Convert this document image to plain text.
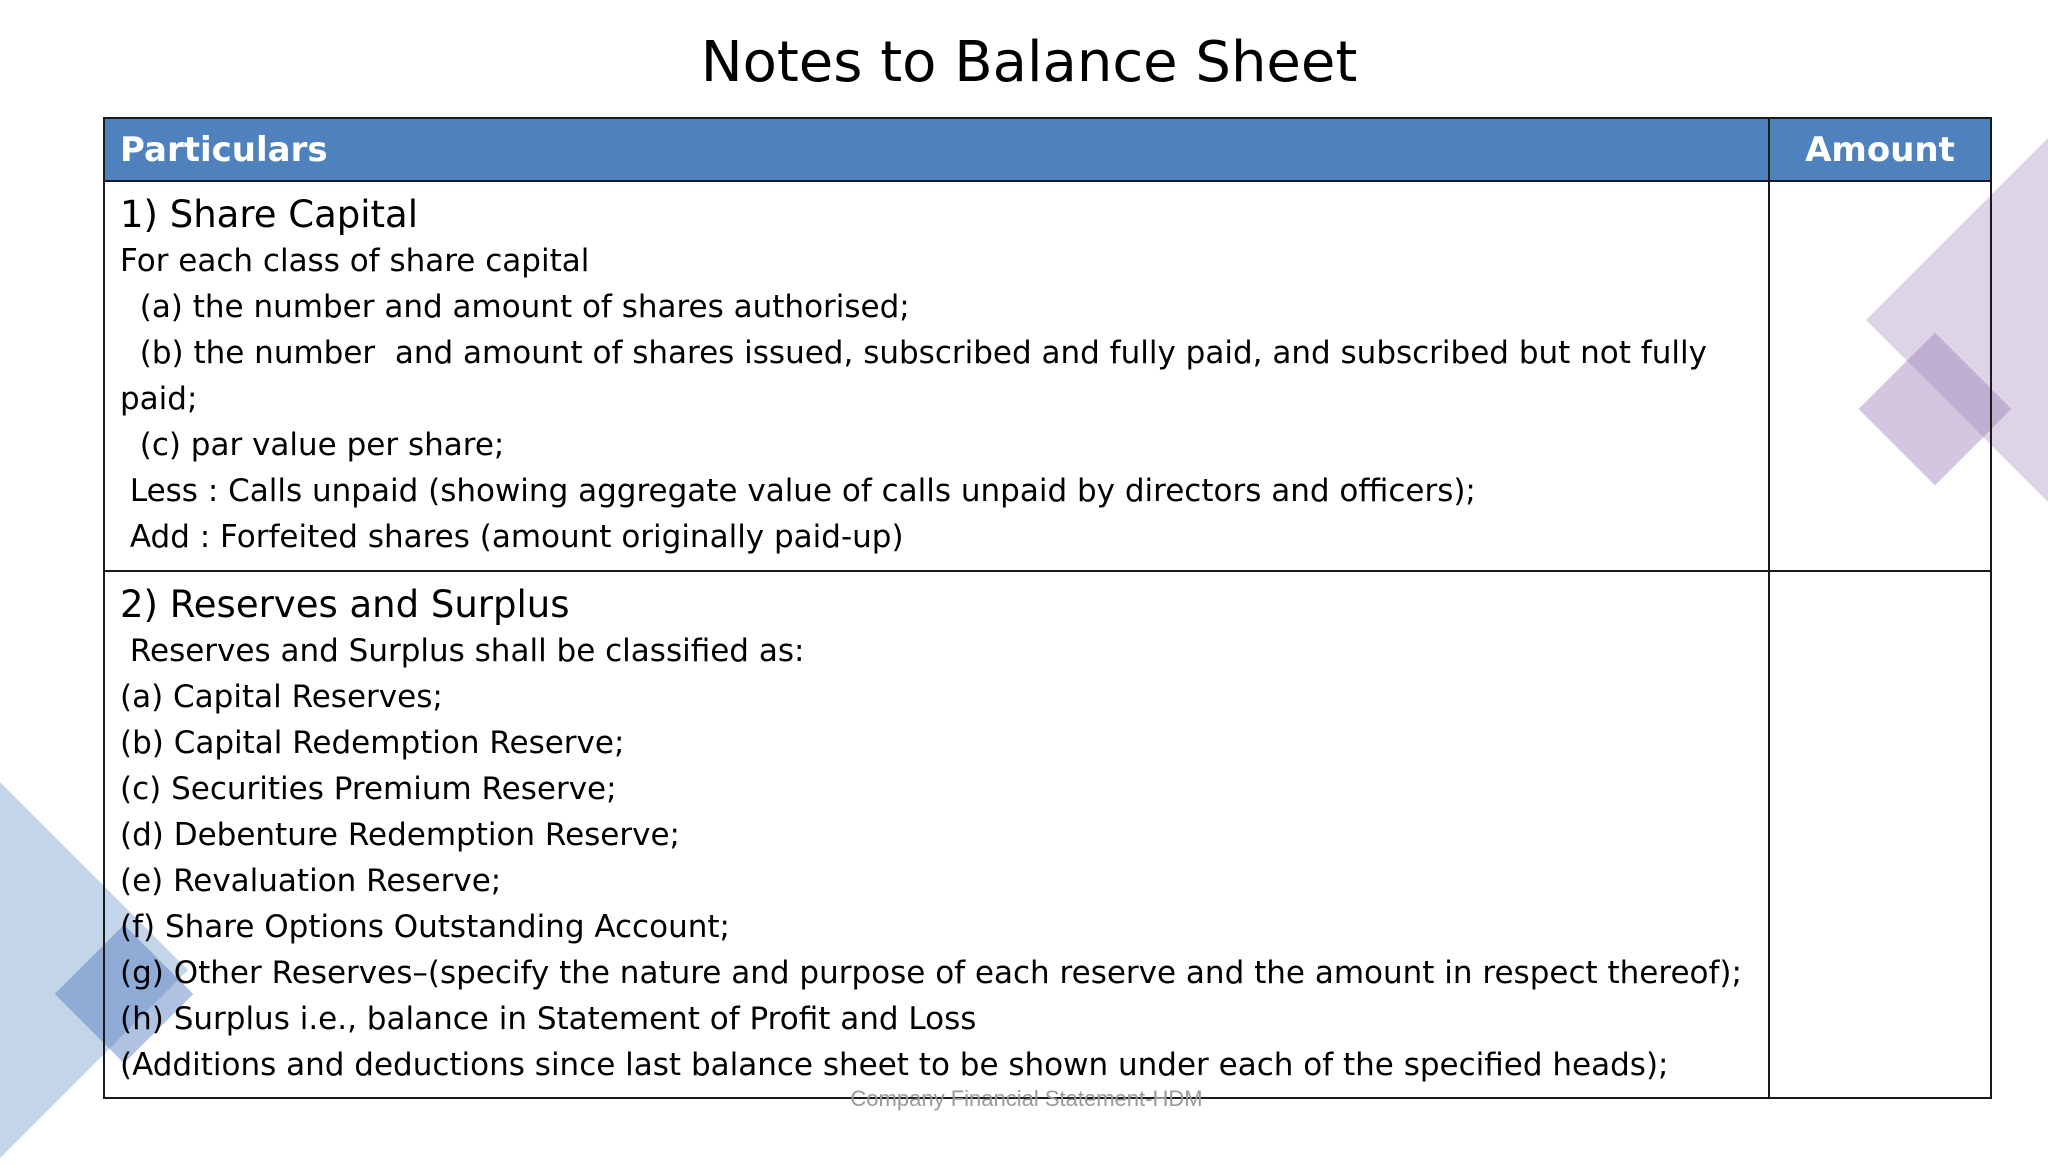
Notes to Balance Sheet
Particulars	Amount
1) Share Capital
For each class of share capital
(a) the number and amount of shares authorised;
(b) the number  and amount of shares issued, subscribed and fully paid, and subscribed but not fully
paid;
(c) par value per share;
Less : Calls unpaid (showing aggregate value of calls unpaid by directors and officers);
Add : Forfeited shares (amount originally paid-up)
2) Reserves and Surplus
Reserves and Surplus shall be classified as:
(a) Capital Reserves;
(b) Capital Redemption Reserve;
(c) Securities Premium Reserve;
(d) Debenture Redemption Reserve;
(e) Revaluation Reserve;
(f) Share Options Outstanding Account;
(g) Other Reserves–(specify the nature and purpose of each reserve and the amount in respect thereof);
(h) Surplus i.e., balance in Statement of Profit and Loss
(Additions and deductions since last balance sheet to be shown under each of the specified heads);
Company Financial Statement-HDM
